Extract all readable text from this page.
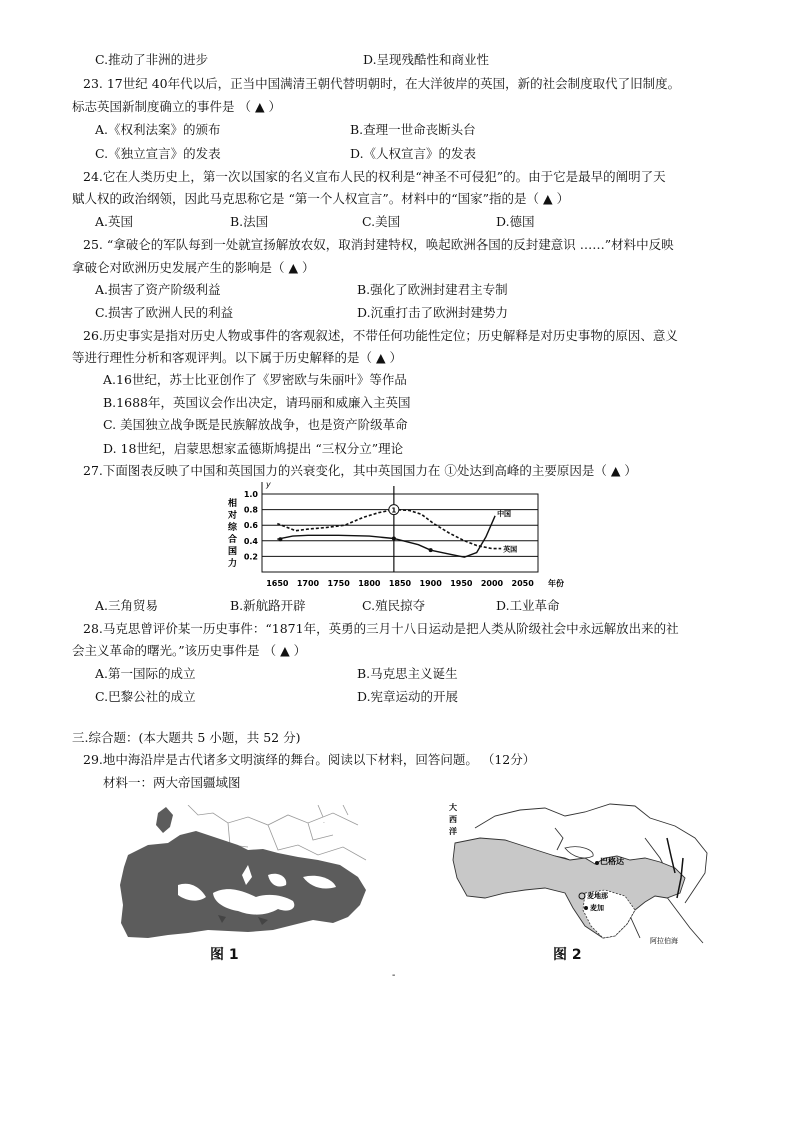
C.推动了非洲的进步	D.呈现残酷性和商业性
23. 17世纪 40年代以后，正当中国满清王朝代替明朝时，在大洋彼岸的英国，新的社会制度取代了旧制度。
标志英国新制度确立的事件是 （ ▲ ）
A.《权利法案》的颁布	B.查理一世命丧断头台
C.《独立宣言》的发表	D.《人权宣言》的发表
24.它在人类历史上，第一次以国家的名义宣布人民的权利是“神圣不可侵犯”的。由于它是最早的阐明了天
赋人权的政治纲领，因此马克思称它是 “第一个人权宣言”。材料中的“国家”指的是（ ▲ ）
A.英国	B.法国	C.美国	D.德国
25. “拿破仑的军队每到一处就宣扬解放农奴，取消封建特权，唤起欧洲各国的反封建意识 ……”材料中反映
拿破仑对欧洲历史发展产生的影响是（ ▲ ）
A.损害了资产阶级利益	B.强化了欧洲封建君主专制
C.损害了欧洲人民的利益	D.沉重打击了欧洲封建势力
26.历史事实是指对历史人物或事件的客观叙述，不带任何功能性定位；历史解释是对历史事物的原因、意义
等进行理性分析和客观评判。以下属于历史解释的是（ ▲ ）
A.16世纪，苏士比亚创作了《罗密欧与朱丽叶》等作品
B.1688年，英国议会作出决定，请玛丽和威廉入主英国
C. 美国独立战争既是民族解放战争，也是资产阶级革命
D. 18世纪，启蒙思想家孟德斯鸠提出 “三权分立”理论
27.下面图表反映了中国和英国国力的兴衰变化，其中英国国力在 ①处达到高峰的主要原因是（ ▲ ）
相
对
综
合
国
力
1.0
0.8
0.6
0.4
0.2
y
1650 1700 1750 1800 1850 1900 1950 2000 2050 年份
中国
英国
1
A.三角贸易	B.新航路开辟	C.殖民掠夺	D.工业革命
28.马克思曾评价某一历史事件：“1871年，英勇的三月十八日运动是把人类从阶级社会中永远解放出来的社
会主义革命的曙光。”该历史事件是 （ ▲ ）
A.第一国际的成立	B.马克思主义诞生
C.巴黎公社的成立	D.宪章运动的开展
三.综合题：(本大题共 5 小题，共 52 分)
29.地中海沿岸是古代诸多文明演绎的舞台。阅读以下材料，回答问题。 （12分）
材料一：两大帝国疆域图
·
图 1
大
西
洋
巴格达
麦地那
麦加
阿拉伯海
图 2
-
